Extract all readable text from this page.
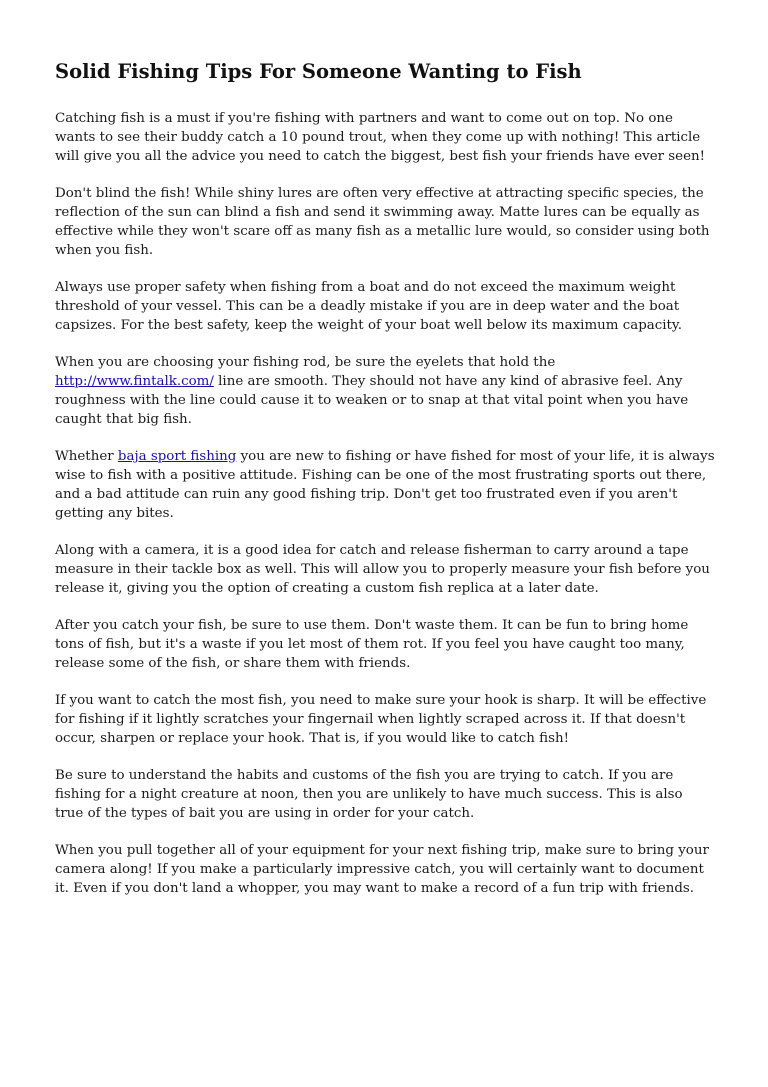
Solid Fishing Tips For Someone Wanting to Fish

Catching fish is a must if you're fishing with partners and want to come out on top. No one wants to see their buddy catch a 10 pound trout, when they come up with nothing! This article will give you all the advice you need to catch the biggest, best fish your friends have ever seen!

Don't blind the fish! While shiny lures are often very effective at attracting specific species, the reflection of the sun can blind a fish and send it swimming away. Matte lures can be equally as effective while they won't scare off as many fish as a metallic lure would, so consider using both when you fish.

Always use proper safety when fishing from a boat and do not exceed the maximum weight threshold of your vessel. This can be a deadly mistake if you are in deep water and the boat capsizes. For the best safety, keep the weight of your boat well below its maximum capacity.

When you are choosing your fishing rod, be sure the eyelets that hold the http://www.fintalk.com/ line are smooth. They should not have any kind of abrasive feel. Any roughness with the line could cause it to weaken or to snap at that vital point when you have caught that big fish.

Whether baja sport fishing you are new to fishing or have fished for most of your life, it is always wise to fish with a positive attitude. Fishing can be one of the most frustrating sports out there, and a bad attitude can ruin any good fishing trip. Don't get too frustrated even if you aren't getting any bites.

Along with a camera, it is a good idea for catch and release fisherman to carry around a tape measure in their tackle box as well. This will allow you to properly measure your fish before you release it, giving you the option of creating a custom fish replica at a later date.

After you catch your fish, be sure to use them. Don't waste them. It can be fun to bring home tons of fish, but it's a waste if you let most of them rot. If you feel you have caught too many, release some of the fish, or share them with friends.

If you want to catch the most fish, you need to make sure your hook is sharp. It will be effective for fishing if it lightly scratches your fingernail when lightly scraped across it. If that doesn't occur, sharpen or replace your hook. That is, if you would like to catch fish!

Be sure to understand the habits and customs of the fish you are trying to catch. If you are fishing for a night creature at noon, then you are unlikely to have much success. This is also true of the types of bait you are using in order for your catch.

When you pull together all of your equipment for your next fishing trip, make sure to bring your camera along! If you make a particularly impressive catch, you will certainly want to document it. Even if you don't land a whopper, you may want to make a record of a fun trip with friends.
